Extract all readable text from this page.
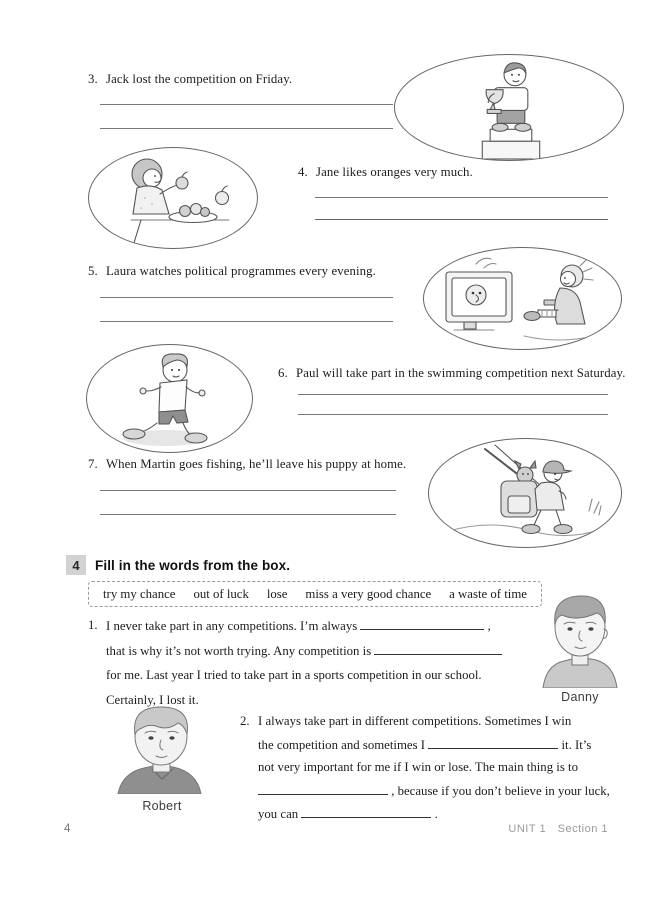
3. Jack lost the competition on Friday.
4. Jane likes oranges very much.
5. Laura watches political programmes every evening.
6. Paul will take part in the swimming competition next Saturday.
7. When Martin goes fishing, he’ll leave his puppy at home.
4	Fill in the words from the box.
try my chance out of luck lose miss a very good chance a waste of time
Danny
1. I never take part in any competitions. I’m always	,
that is why it’s not worth trying. Any competition is
for me. Last year I tried to take part in a sports competition in our school.
Certainly, I lost it.
Robert
2. I always take part in different competitions. Sometimes I win
the competition and sometimes I	it. It’s
not very important for me if I win or lose. The main thing is to
, because if you don’t believe in your luck,
you can	.
4	UNIT 1 Section 1
